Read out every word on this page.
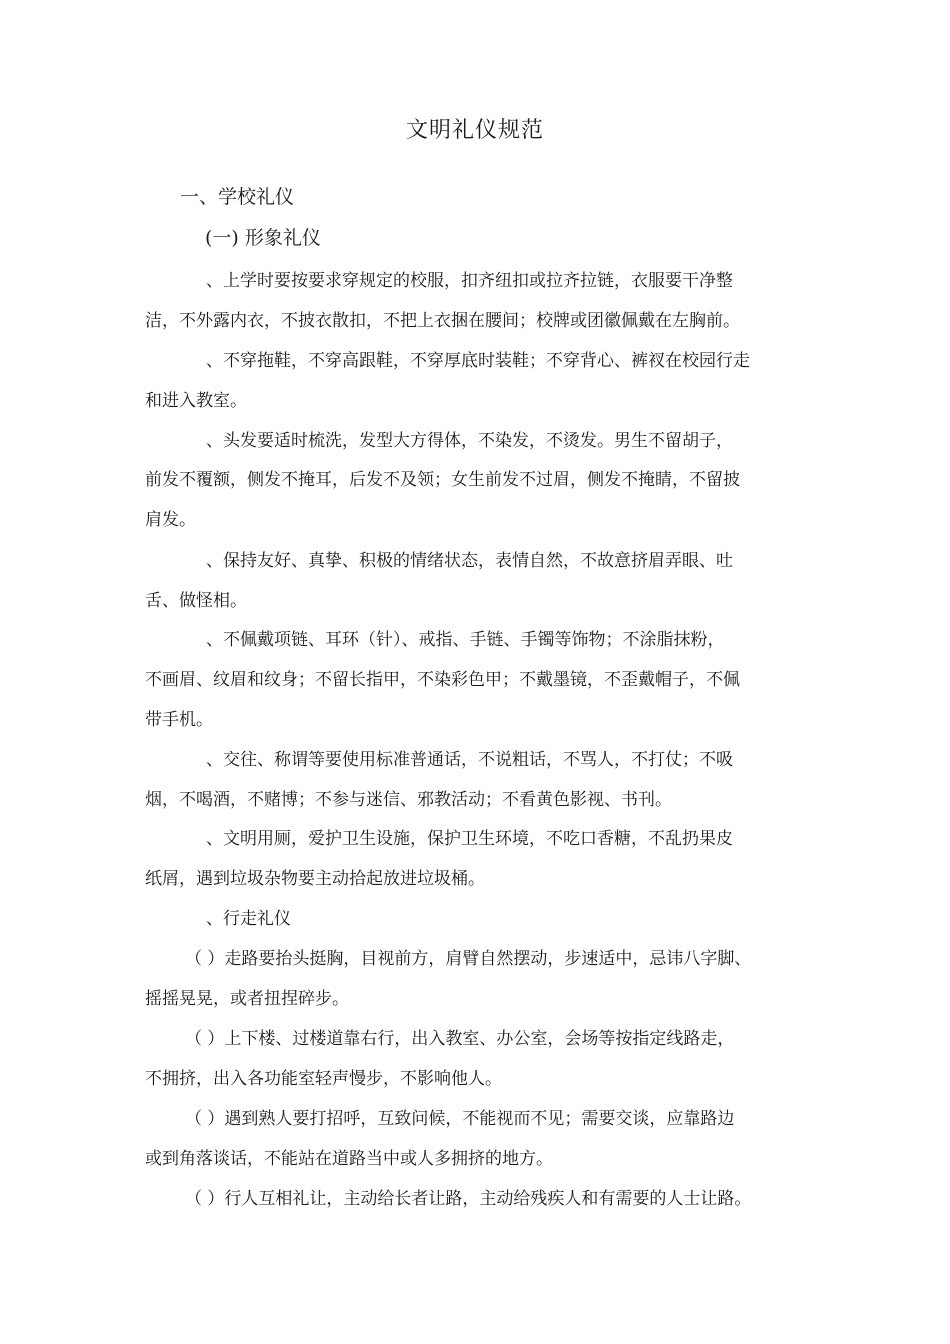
文明礼仪规范
一、学校礼仪
(一) 形象礼仪
、上学时要按要求穿规定的校服，扣齐纽扣或拉齐拉链，衣服要干净整
洁，不外露内衣，不披衣散扣，不把上衣捆在腰间；校牌或团徽佩戴在左胸前。
、不穿拖鞋，不穿高跟鞋，不穿厚底时装鞋；不穿背心、裤衩在校园行走
和进入教室。
、头发要适时梳洗，发型大方得体，不染发，不烫发。男生不留胡子，
前发不覆额，侧发不掩耳，后发不及领；女生前发不过眉，侧发不掩睛，不留披
肩发。
、保持友好、真挚、积极的情绪状态，表情自然，不故意挤眉弄眼、吐
舌、做怪相。
、不佩戴项链、耳环（针）、戒指、手链、手镯等饰物；不涂脂抹粉，
不画眉、纹眉和纹身；不留长指甲，不染彩色甲；不戴墨镜，不歪戴帽子，不佩
带手机。
、交往、称谓等要使用标准普通话，不说粗话，不骂人，不打仗；不吸
烟，不喝酒，不赌博；不参与迷信、邪教活动；不看黄色影视、书刊。
、文明用厕，爱护卫生设施，保护卫生环境，不吃口香糖，不乱扔果皮
纸屑，遇到垃圾杂物要主动拾起放进垃圾桶。
、行走礼仪
（ ）走路要抬头挺胸，目视前方，肩臂自然摆动，步速适中，忌讳八字脚、
摇摇晃晃，或者扭捏碎步。
（ ）上下楼、过楼道靠右行，出入教室、办公室，会场等按指定线路走，
不拥挤，出入各功能室轻声慢步，不影响他人。
（ ）遇到熟人要打招呼，互致问候，不能视而不见；需要交谈，应靠路边
或到角落谈话，不能站在道路当中或人多拥挤的地方。
（ ）行人互相礼让，主动给长者让路，主动给残疾人和有需要的人士让路。
